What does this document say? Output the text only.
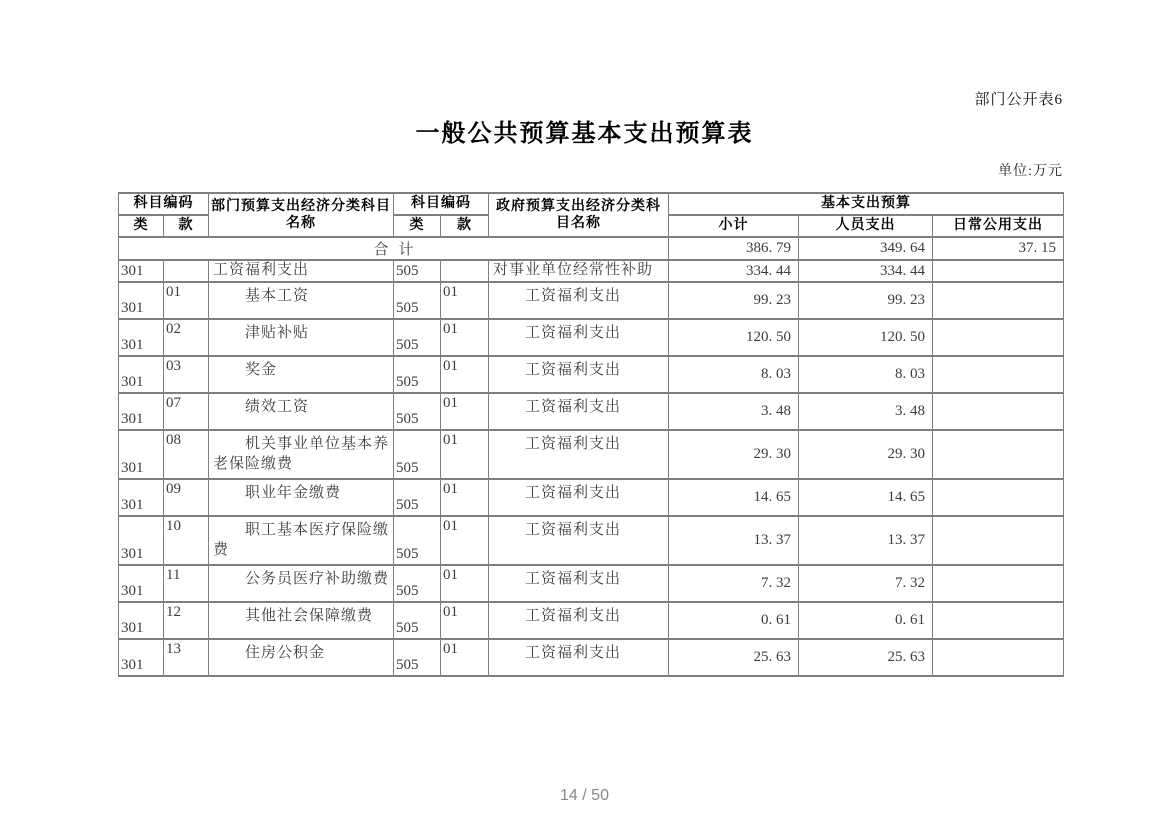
部门公开表6
一般公共预算基本支出预算表
单位:万元
科目编码		部门预算支出经济分类科目名称	科目编码		政府预算支出经济分类科目名称	基本支出预算		
类	款		类	款		小计	人员支出	日常公用支出
合计						386. 79	349. 64	37. 15
301		工资福利支出	505		对事业单位经常性补助	334. 44	334. 44	
301	01	　　基本工资	505	01	　　工资福利支出	99. 23	99. 23	
301	02	　　津贴补贴	505	01	　　工资福利支出	120. 50	120. 50	
301	03	　　奖金	505	01	　　工资福利支出	8. 03	8. 03	
301	07	　　绩效工资	505	01	　　工资福利支出	3. 48	3. 48	
301	08	　　机关事业单位基本养老保险缴费	505	01	　　工资福利支出	29. 30	29. 30	
301	09	　　职业年金缴费	505	01	　　工资福利支出	14. 65	14. 65	
301	10	　　职工基本医疗保险缴费	505	01	　　工资福利支出	13. 37	13. 37	
301	11	　　公务员医疗补助缴费	505	01	　　工资福利支出	7. 32	7. 32	
301	12	　　其他社会保障缴费	505	01	　　工资福利支出	0. 61	0. 61	
301	13	　　住房公积金	505	01	　　工资福利支出	25. 63	25. 63	
14 / 50
